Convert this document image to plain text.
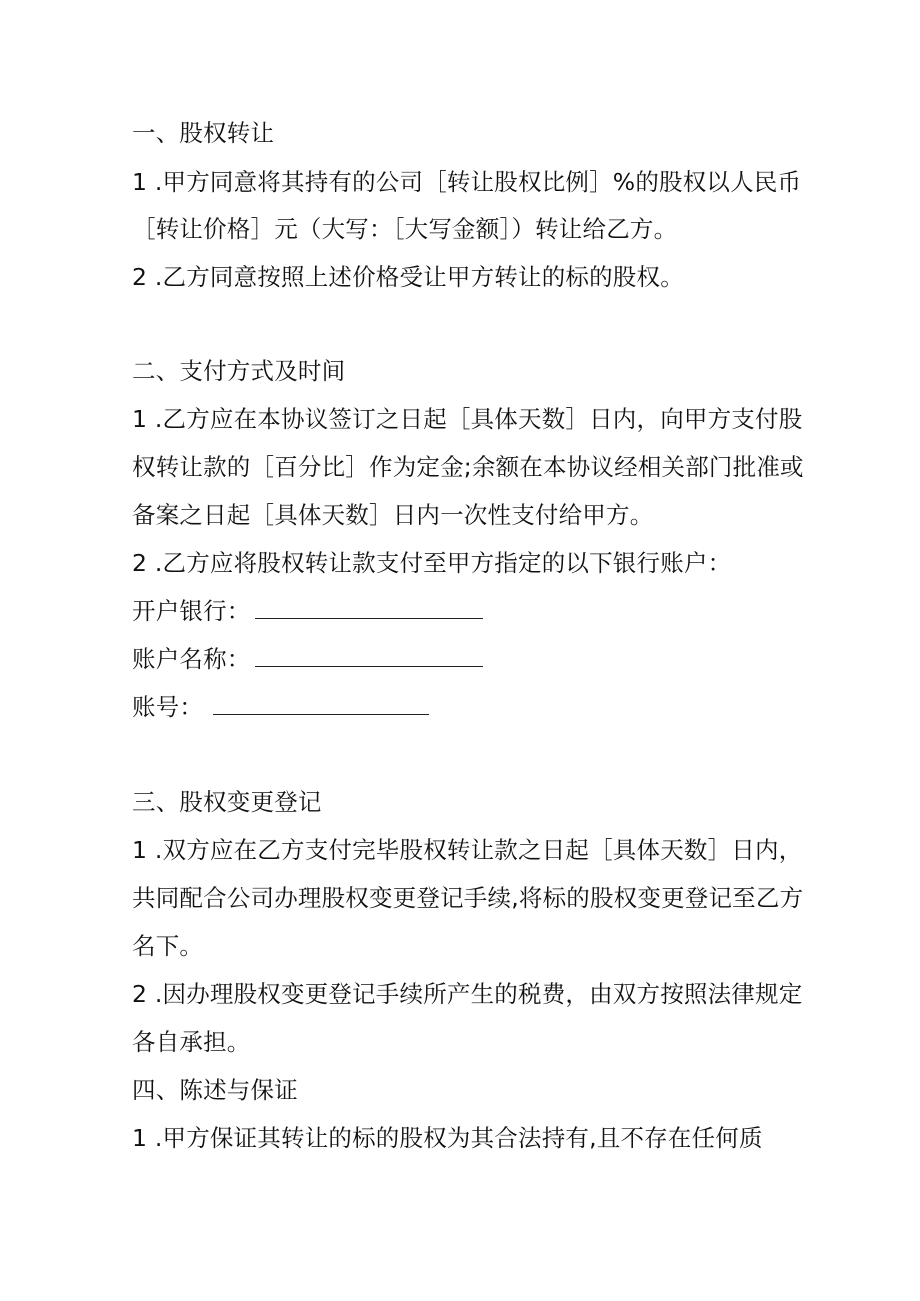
一、股权转让
1 .甲方同意将其持有的公司［转让股权比例］%的股权以人民币
［转让价格］元（大写：［大写金额］）转让给乙方。
2 .乙方同意按照上述价格受让甲方转让的标的股权。
二、支付方式及时间
1 .乙方应在本协议签订之日起［具体天数］日内，向甲方支付股
权转让款的［百分比］作为定金;余额在本协议经相关部门批准或
备案之日起［具体天数］日内一次性支付给甲方。
2 .乙方应将股权转让款支付至甲方指定的以下银行账户：
开户银行：
账户名称：
账号：
三、股权变更登记
1 .双方应在乙方支付完毕股权转让款之日起［具体天数］日内，
共同配合公司办理股权变更登记手续,将标的股权变更登记至乙方
名下。
2 .因办理股权变更登记手续所产生的税费，由双方按照法律规定
各自承担。
四、陈述与保证
1 .甲方保证其转让的标的股权为其合法持有,且不存在任何质
